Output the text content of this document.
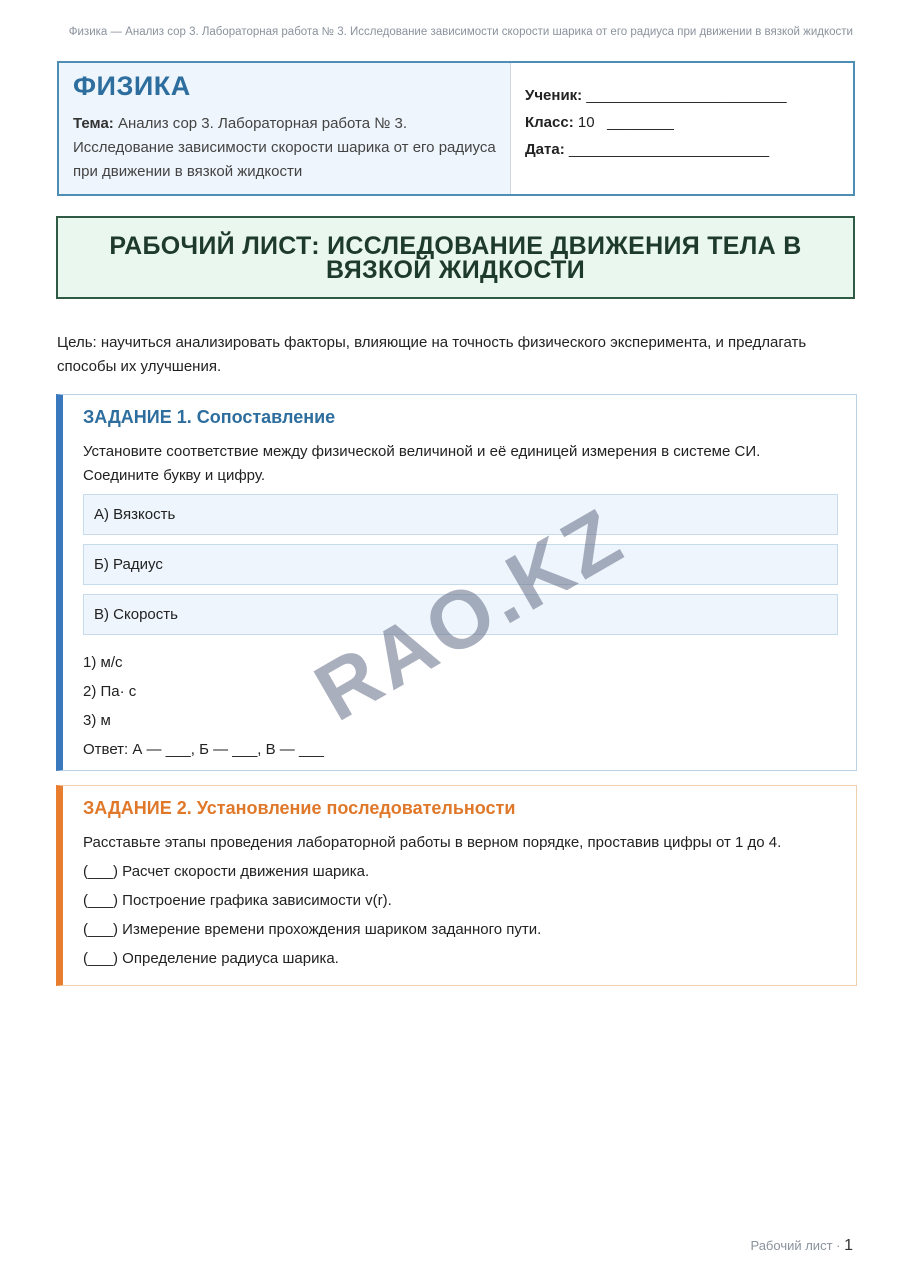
Физика — Анализ сор 3. Лабораторная работа № 3. Исследование зависимости скорости шарика от его радиуса при движении в вязкой жидкости
ФИЗИКА
Тема: Анализ сор 3. Лабораторная работа № 3. Исследование зависимости скорости шарика от его радиуса при движении в вязкой жидкости
Ученик: ________________________
Класс: 10 ________
Дата: ________________________
РАБОЧИЙ ЛИСТ: ИССЛЕДОВАНИЕ ДВИЖЕНИЯ ТЕЛА В ВЯЗКОЙ ЖИДКОСТИ
Цель: научиться анализировать факторы, влияющие на точность физического эксперимента, и предлагать способы их улучшения.
ЗАДАНИЕ 1. Сопоставление
Установите соответствие между физической величиной и её единицей измерения в системе СИ. Соедините букву и цифру.
А) Вязкость
Б) Радиус
В) Скорость
1) м/с
2) Па· с
3) м
Ответ: А — ___, Б — ___, В — ___
ЗАДАНИЕ 2. Установление последовательности
Расставьте этапы проведения лабораторной работы в верном порядке, проставив цифры от 1 до 4.
(___) Расчет скорости движения шарика.
(___) Построение графика зависимости v(r).
(___) Измерение времени прохождения шариком заданного пути.
(___) Определение радиуса шарика.
RAO.KZ
Рабочий лист · 1
